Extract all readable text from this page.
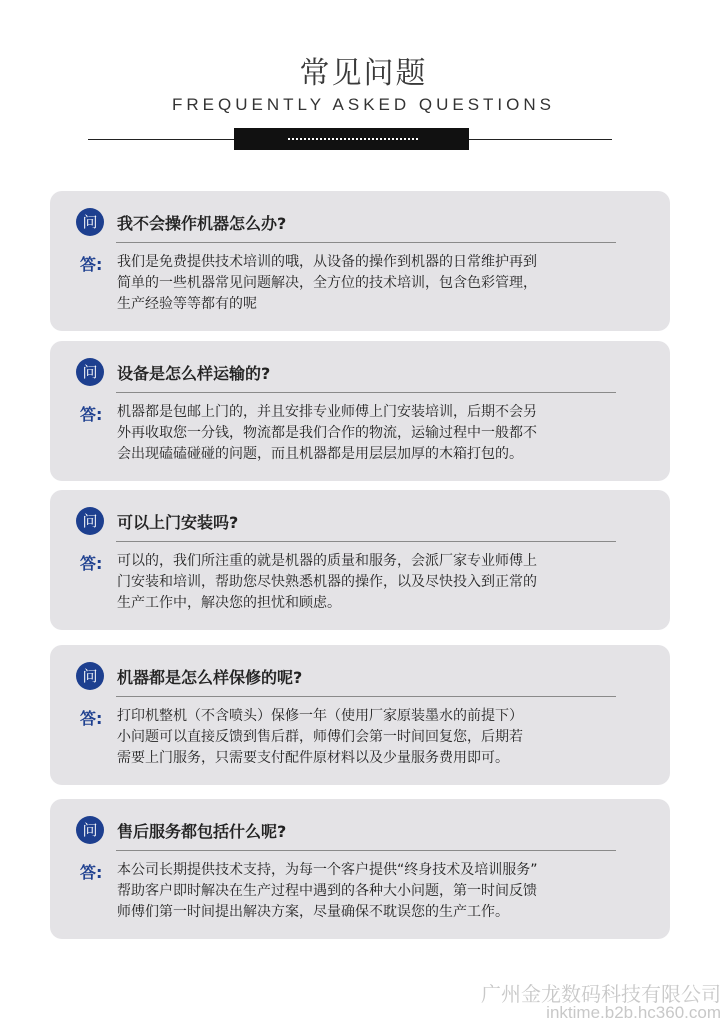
常见问题
FREQUENTLY ASKED QUESTIONS
问	我不会操作机器怎么办?
答: 我们是免费提供技术培训的哦，从设备的操作到机器的日常维护再到
简单的一些机器常见问题解决，全方位的技术培训，包含色彩管理，
生产经验等等都有的呢
问	设备是怎么样运输的?
答: 机器都是包邮上门的，并且安排专业师傅上门安装培训，后期不会另
外再收取您一分钱，物流都是我们合作的物流，运输过程中一般都不
会出现磕磕碰碰的问题，而且机器都是用层层加厚的木箱打包的。
问	可以上门安装吗?
答: 可以的，我们所注重的就是机器的质量和服务，会派厂家专业师傅上
门安装和培训，帮助您尽快熟悉机器的操作，以及尽快投入到正常的
生产工作中，解决您的担忧和顾虑。
问	机器都是怎么样保修的呢?
答: 打印机整机（不含喷头）保修一年（使用厂家原装墨水的前提下）
小问题可以直接反馈到售后群，师傅们会第一时间回复您，后期若
需要上门服务，只需要支付配件原材料以及少量服务费用即可。
问	售后服务都包括什么呢?
答: 本公司长期提供技术支持，为每一个客户提供“终身技术及培训服务”
帮助客户即时解决在生产过程中遇到的各种大小问题，第一时间反馈
师傅们第一时间提出解决方案，尽量确保不耽误您的生产工作。
广州金龙数码科技有限公司
inktime.b2b.hc360.com
